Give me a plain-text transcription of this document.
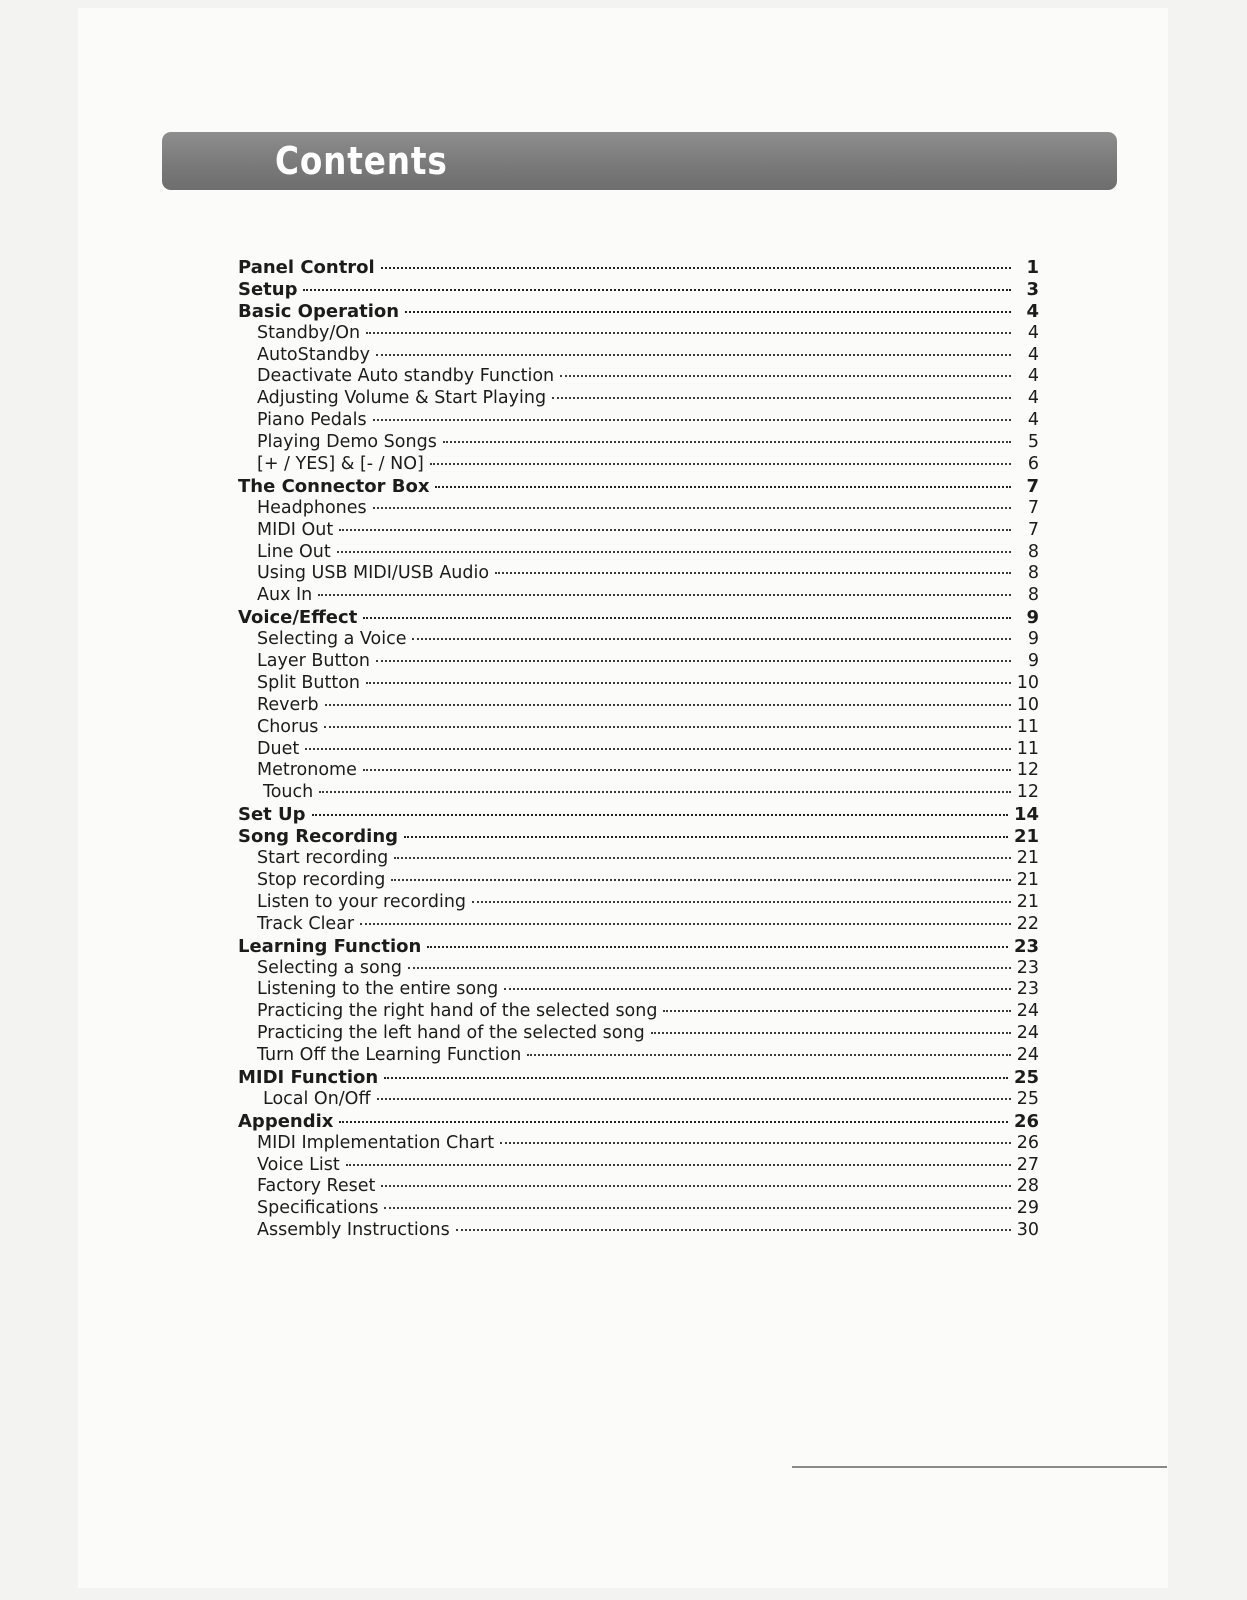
Contents
Panel Control	1
Setup	3
Basic Operation	4
Standby/On	4
AutoStandby	4
Deactivate Auto standby Function	4
Adjusting Volume & Start Playing	4
Piano Pedals	4
Playing Demo Songs	5
[+ / YES] & [- / NO]	6
The Connector Box	7
Headphones	7
MIDI Out	7
Line Out	8
Using USB MIDI/USB Audio	8
Aux In	8
Voice/Effect	9
Selecting a Voice	9
Layer Button	9
Split Button	10
Reverb	10
Chorus	11
Duet	11
Metronome	12
Touch	12
Set Up	14
Song Recording	21
Start recording	21
Stop recording	21
Listen to your recording	21
Track Clear	22
Learning Function	23
Selecting a song	23
Listening to the entire song	23
Practicing the right hand of the selected song	24
Practicing the left hand of the selected song	24
Turn Off the Learning Function	24
MIDI Function	25
Local On/Off	25
Appendix	26
MIDI Implementation Chart	26
Voice List	27
Factory Reset	28
Specifications	29
Assembly Instructions	30
